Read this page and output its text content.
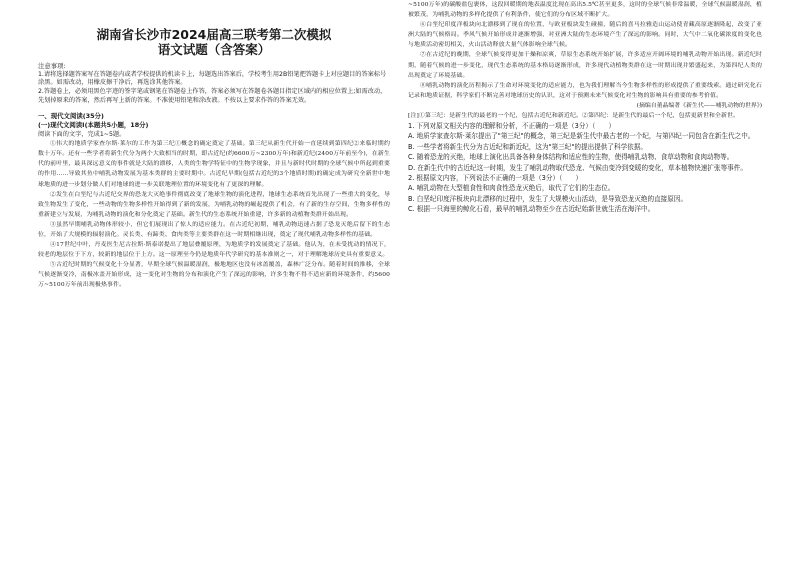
湖南省长沙市2024届高三联考第二次模拟
语文试题（含答案）
注意事项:
1.请将选择题答案写在答题卷内或者学校提供的机读卡上，每题选出答案后，学校考生用2B铅笔把答题卡上对应题目的答案标号涂黑。如需改动，用橡皮擦干净后，再选涂其他答案。
2.答题卷上，必须用黑色字迹的签字笔或钢笔在答题卷上作答，答案必须写在答题卷各题目指定区域内的相应位置上;如需改动，先划掉原来的答案，然后再写上新的答案。不准使用铅笔和涂改液。不按以上要求作答的答案无效。
一、现代文阅读(35分)
(一)现代文阅读Ⅰ(本题共5小题，18分)
阅读下面的文字，完成1~5题。

①伟大的地质学家查尔斯·莱尔的工作为第三纪①概念的确定奠定了基础。第三纪从新生代开始一直延续到第四纪②来临时期约数十万年。还有一些学者将新生代分为两个大致相当的时期，即古近纪(约6600万~2300万年)和新近纪(2400万年前至今)，在新生代的前叶里，最具深远意义的事件就是大陆的漂移，人类的生物学特征中的生物学现象，并且与新时代时期的全球气候中所起到重要的作用……导致其鱼中哺乳动物发展为基本类群的主要时期中。古近纪早期(包括古近纪的3个地质时期)的确定成为研究全新世中地球地质的进一步划分做人们对地球的进一步关联地理位置的环境变化有了更深的理解。

②发生在白垩纪与古近纪交界的恐龙大灭绝事件彻底改变了地球生物的演化进程，地球生态系统首先出现了一些重大的变化，导致生物发生了变化，一些动物的生物多样性开始得到了新的发展，为哺乳动物的崛起提供了机会，有了新的生存空间，生物多样性的重新建立与发展，为哺乳动物的演化和分化奠定了基础。新生代的生态系统开始重建，许多新的动植物类群开始出现。

③虽然早期哺乳动物体形较小，但它们展现出了惊人的适应能力。在古近纪初期，哺乳动物迅速占据了恐龙灭绝后留下的生态位，开始了大规模的辐射演化。灵长类、有蹄类、食肉类等主要类群在这一时期相继出现，奠定了现代哺乳动物多样性的基础。

④17世纪中叶，丹麦医生尼古拉斯·斯泰诺提出了地层叠覆原理，为地质学的发展奠定了基础。他认为，在未受扰动的情况下，较老的地层位于下方，较新的地层位于上方。这一原理至今仍是地质年代学研究的基本准则之一，对于理解地球历史具有重要意义。

⑤古近纪时期的气候变化十分显著，早期全球气候温暖湿润，极地地区也没有冰盖覆盖，森林广泛分布。随着时间的推移，全球气候逐渐变冷，南极冰盖开始形成，这一变化对生物的分布和演化产生了深远的影响，许多生物不得不适应新的环境条件，约5600万~5100万年前出现极热事件。

~5100万年)的碳酸盐包裹体，这段回暖期的地表温度比现在高出5.5℃甚至更多，这时的全球气候非常温暖，全球气候温暖湿润，植被繁茂，为哺乳动物的多样化提供了有利条件，使它们的分布区域不断扩大。

⑥白垩纪印度洋板块向北漂移到了现在的位置，与欧亚板块发生碰撞，随后的喜马拉雅造山运动使青藏高原逐渐隆起，改变了亚洲大陆的气候格局。季风气候开始形成并逐渐增强，对亚洲大陆的生态环境产生了深远的影响。同时，大气中二氧化碳浓度的变化也与地质活动密切相关，火山活动释放大量气体影响全球气候。

⑦在古近纪的晚期，全球气候变得更加干燥和凉爽，草原生态系统开始扩展，许多适应开阔环境的哺乳动物开始出现。新近纪时期，随着气候的进一步变化，现代生态系统的基本格局逐渐形成，许多现代动植物类群在这一时期出现并繁盛起来，为第四纪人类的出现奠定了环境基础。

⑧哺乳动物的演化历程揭示了生命对环境变化的适应能力，也为我们理解当今生物多样性的形成提供了重要线索。通过研究化石记录和地质证据，科学家们不断完善对地球历史的认识，这对于预测未来气候变化对生物的影响具有重要的参考价值。

(摘编自董晶编著《新生代——哺乳动物的世界》)

[注]①第三纪：是新生代的最老的一个纪，包括古近纪和新近纪。②第四纪：是新生代的最后一个纪，包括更新世和全新世。

1. 下列对原文相关内容的理解和分析，不正确的一项是（3分）（　　）
A. 地质学家查尔斯·莱尔提出了"第三纪"的概念，第三纪是新生代中最古老的一个纪，与第四纪一同包含在新生代之中。
B. 一些学者将新生代分为古近纪和新近纪，这为"第三纪"的提出提供了科学依据。
C. 随着恐龙的灭绝，地球上演化出具备各种身体结构和适应性的生物，使得哺乳动物、食草动物和食肉动物等。
D. 在新生代中的古近纪这一时期，发生了哺乳动物取代恐龙、气候由变冷到变暖的变化，草本植物快速扩张等事件。
2. 根据原文内容，下列说法不正确的一项是（3分）（　　）
A. 哺乳动物在大型植食性和肉食性恐龙灭绝后，取代了它们的生态位。
B. 白垩纪印度洋板块向北漂移的过程中，发生了大规模火山活动，是导致恐龙灭绝的直接原因。
C. 根据一只海里的鲸化石看，最早的哺乳动物至少在古近纪始新世就生活在海洋中。
